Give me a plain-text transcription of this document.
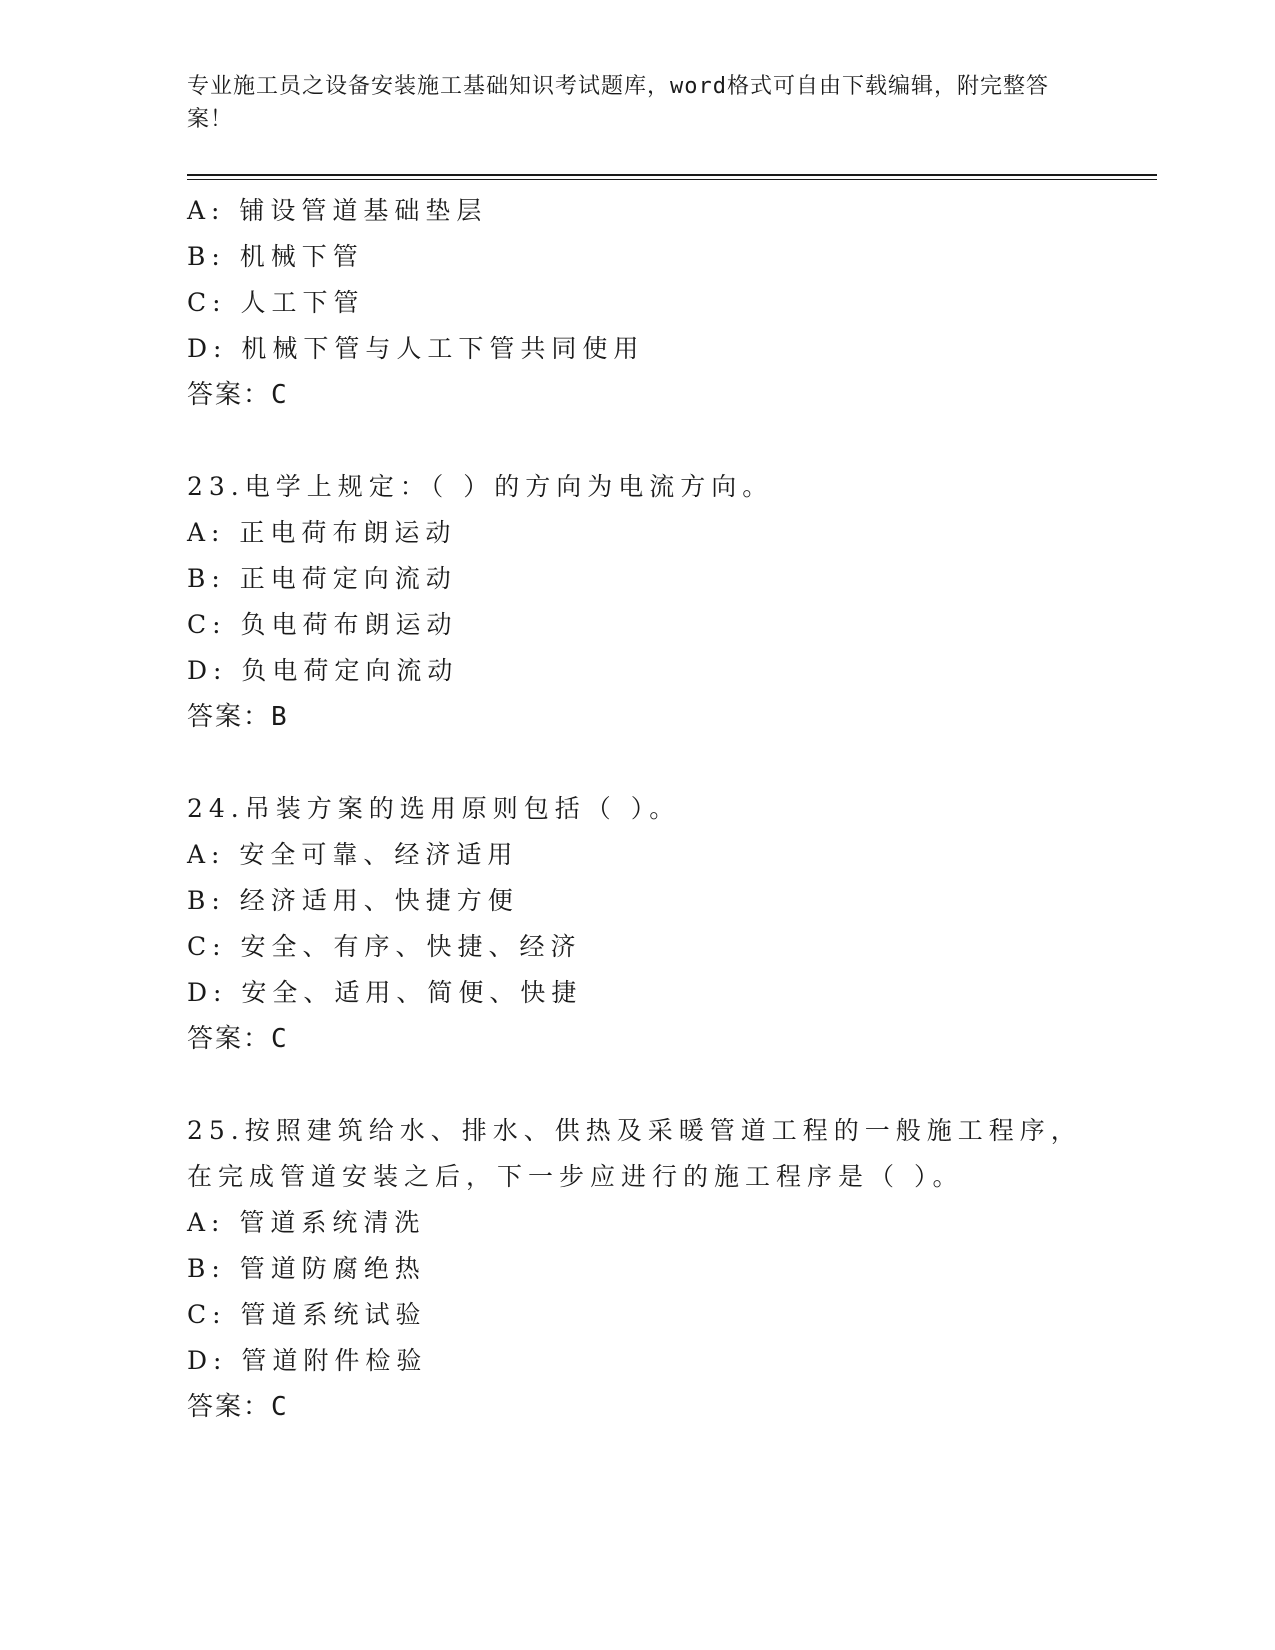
专业施工员之设备安装施工基础知识考试题库，word格式可自由下载编辑，附完整答案！

A: 铺设管道基础垫层

B: 机械下管

C: 人工下管

D: 机械下管与人工下管共同使用

答案：C

23.电学上规定：（ ）的方向为电流方向。

A: 正电荷布朗运动

B: 正电荷定向流动

C: 负电荷布朗运动

D: 负电荷定向流动

答案：B

24.吊装方案的选用原则包括（ ）。

A: 安全可靠、经济适用

B: 经济适用、快捷方便

C: 安全、有序、快捷、经济

D: 安全、适用、简便、快捷

答案：C

25.按照建筑给水、排水、供热及采暖管道工程的一般施工程序，在完成管道安装之后，下一步应进行的施工程序是（ ）。

A: 管道系统清洗

B: 管道防腐绝热

C: 管道系统试验

D: 管道附件检验

答案：C
